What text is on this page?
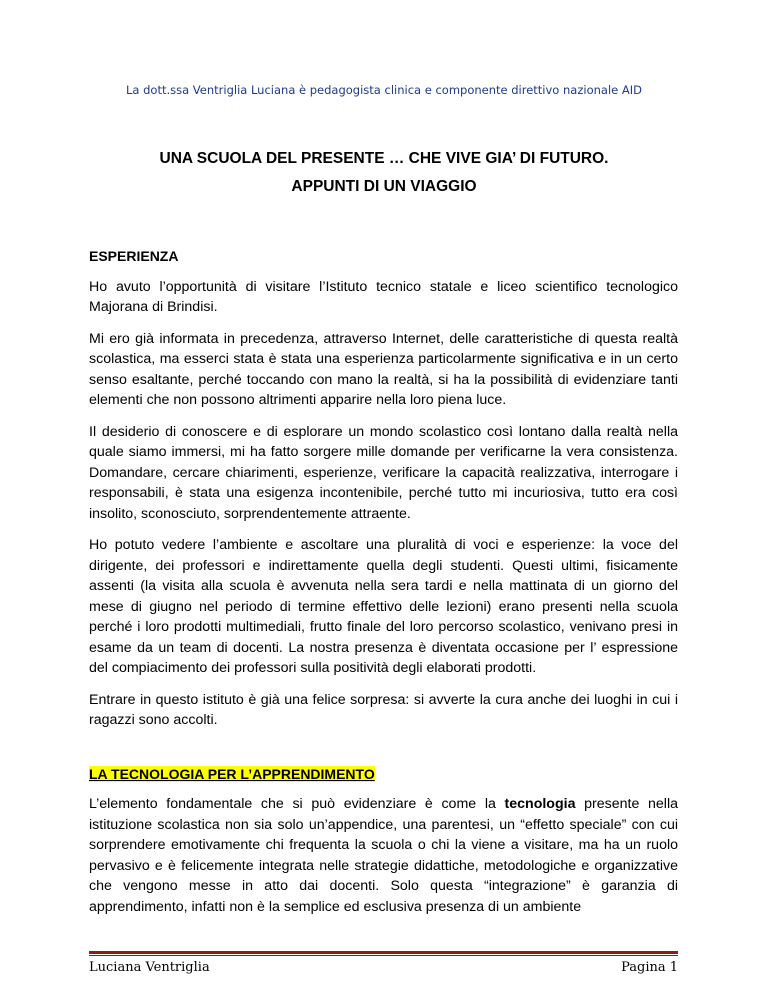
La dott.ssa Ventriglia Luciana è pedagogista clinica e componente direttivo nazionale AID
UNA SCUOLA DEL PRESENTE … CHE VIVE GIA’ DI FUTURO.
APPUNTI DI UN VIAGGIO
ESPERIENZA

Ho avuto l’opportunità di visitare l’Istituto tecnico statale e liceo scientifico tecnologico Majorana di Brindisi.

Mi ero già informata in precedenza, attraverso Internet, delle caratteristiche di questa realtà scolastica, ma esserci stata è stata una esperienza particolarmente significativa e in un certo senso esaltante, perché toccando con mano la realtà, si ha la possibilità di evidenziare tanti elementi che non possono altrimenti apparire nella loro piena luce.

Il desiderio di conoscere e di esplorare un mondo scolastico così lontano dalla realtà nella quale siamo immersi, mi ha fatto sorgere mille domande per verificarne la vera consistenza. Domandare, cercare chiarimenti, esperienze, verificare la capacità realizzativa, interrogare i responsabili, è stata una esigenza incontenibile, perché tutto mi incuriosiva, tutto era così insolito, sconosciuto, sorprendentemente attraente.

Ho potuto vedere l’ambiente e ascoltare una pluralità di voci e esperienze: la voce del dirigente, dei professori e indirettamente quella degli studenti. Questi ultimi, fisicamente assenti (la visita alla scuola è avvenuta nella sera tardi e nella mattinata di un giorno del mese di giugno nel periodo di termine effettivo delle lezioni) erano presenti nella scuola perché i loro prodotti multimediali, frutto finale del loro percorso scolastico, venivano presi in esame da un team di docenti. La nostra presenza è diventata occasione per l’ espressione del compiacimento dei professori sulla positività degli elaborati prodotti.

Entrare in questo istituto è già una felice sorpresa: si avverte la cura anche dei luoghi in cui i ragazzi sono accolti.

LA TECNOLOGIA PER L’APPRENDIMENTO

L’elemento fondamentale che si può evidenziare è come la tecnologia presente nella istituzione scolastica non sia solo un’appendice, una parentesi, un “effetto speciale” con cui sorprendere emotivamente chi frequenta la scuola o chi la viene a visitare, ma ha un ruolo pervasivo e è felicemente integrata nelle strategie didattiche, metodologiche e organizzative che vengono messe in atto dai docenti. Solo questa “integrazione” è garanzia di apprendimento, infatti non è la semplice ed esclusiva presenza di un ambiente

Luciana Ventriglia	Pagina 1
